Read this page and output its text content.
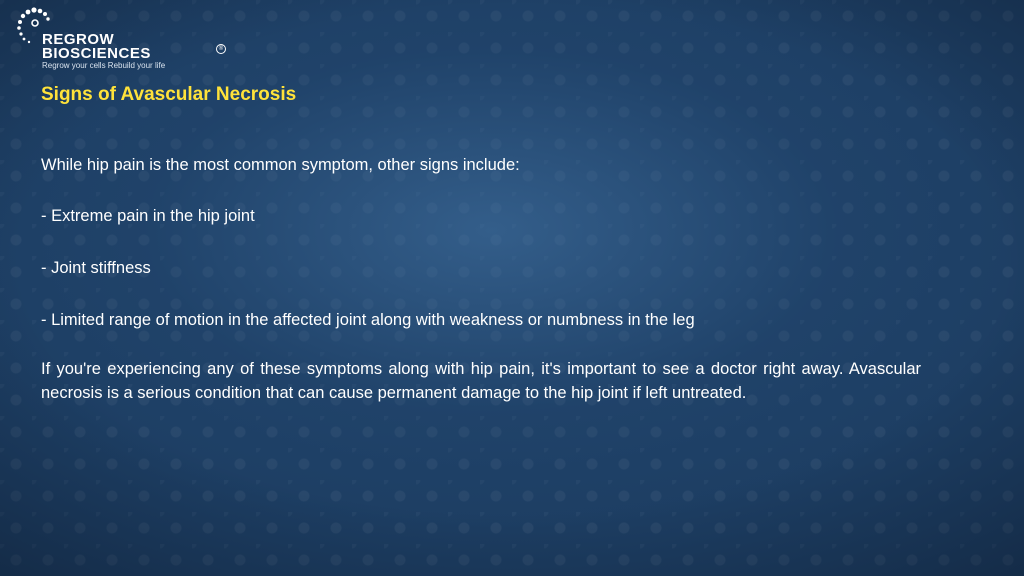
REGROW
BIOSCIENCES	®
Regrow your cells Rebuild your life
Signs of Avascular Necrosis
While hip pain is the most common symptom, other signs include:
- Extreme pain in the hip joint
- Joint stiffness
- Limited range of motion in the affected joint along with weakness or numbness in the leg
If you're experiencing any of these symptoms along with hip pain, it's important to see a doctor right away. Avascular necrosis is a serious condition that can cause permanent damage to the hip joint if left untreated.
